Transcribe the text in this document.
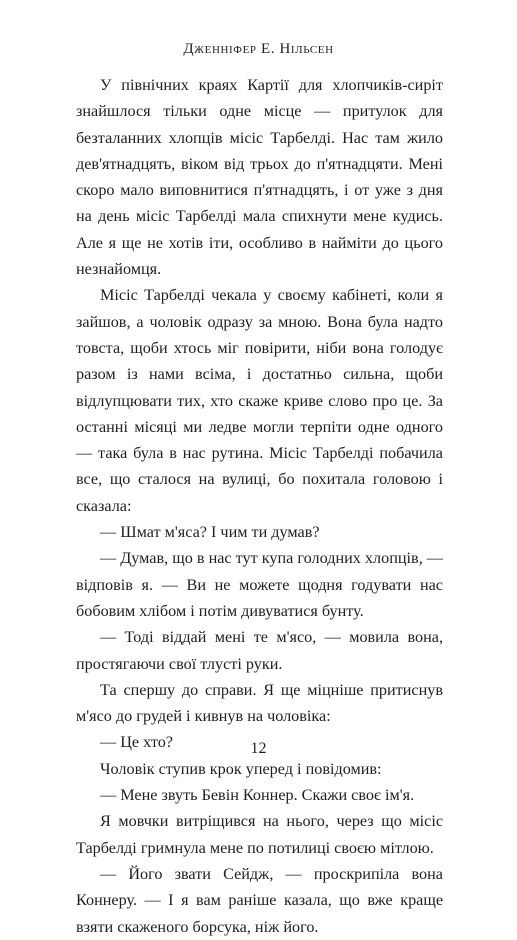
Дженніфер Е. Нільсен

У північних краях Картії для хлопчиків-сиріт знайшлося тільки одне місце — притулок для безталанних хлопців місіс Тарбелді. Нас там жило дев'ятнадцять, віком від трьох до п'ятнадцяти. Мені скоро мало виповнитися п'ятнадцять, і от уже з дня на день місіс Тарбелді мала спихнути мене кудись. Але я ще не хотів іти, особливо в найміти до цього незнайомця.

Місіс Тарбелді чекала у своєму кабінеті, коли я зайшов, а чоловік одразу за мною. Вона була надто товста, щоби хтось міг повірити, ніби вона голодує разом із нами всіма, і достатньо сильна, щоби відлупцювати тих, хто скаже криве слово про це. За останні місяці ми ледве могли терпіти одне одного — така була в нас рутина. Місіс Тарбелді побачила все, що сталося на вулиці, бо похитала головою і сказала:

— Шмат м'яса? І чим ти думав?

— Думав, що в нас тут купа голодних хлопців, — відповів я. — Ви не можете щодня годувати нас бобовим хлібом і потім дивуватися бунту.

— Тоді віддай мені те м'ясо, — мовила вона, простягаючи свої тлусті руки.

Та спершу до справи. Я ще міцніше притиснув м'ясо до грудей і кивнув на чоловіка:

— Це хто?

Чоловік ступив крок уперед і повідомив:

— Мене звуть Бевін Коннер. Скажи своє ім'я.

Я мовчки витріщився на нього, через що місіс Тарбелді гримнула мене по потилиці своєю мітлою.

— Його звати Сейдж, — проскрипіла вона Коннеру. — І я вам раніше казала, що вже краще взяти скаженого борсука, ніж його.

12
